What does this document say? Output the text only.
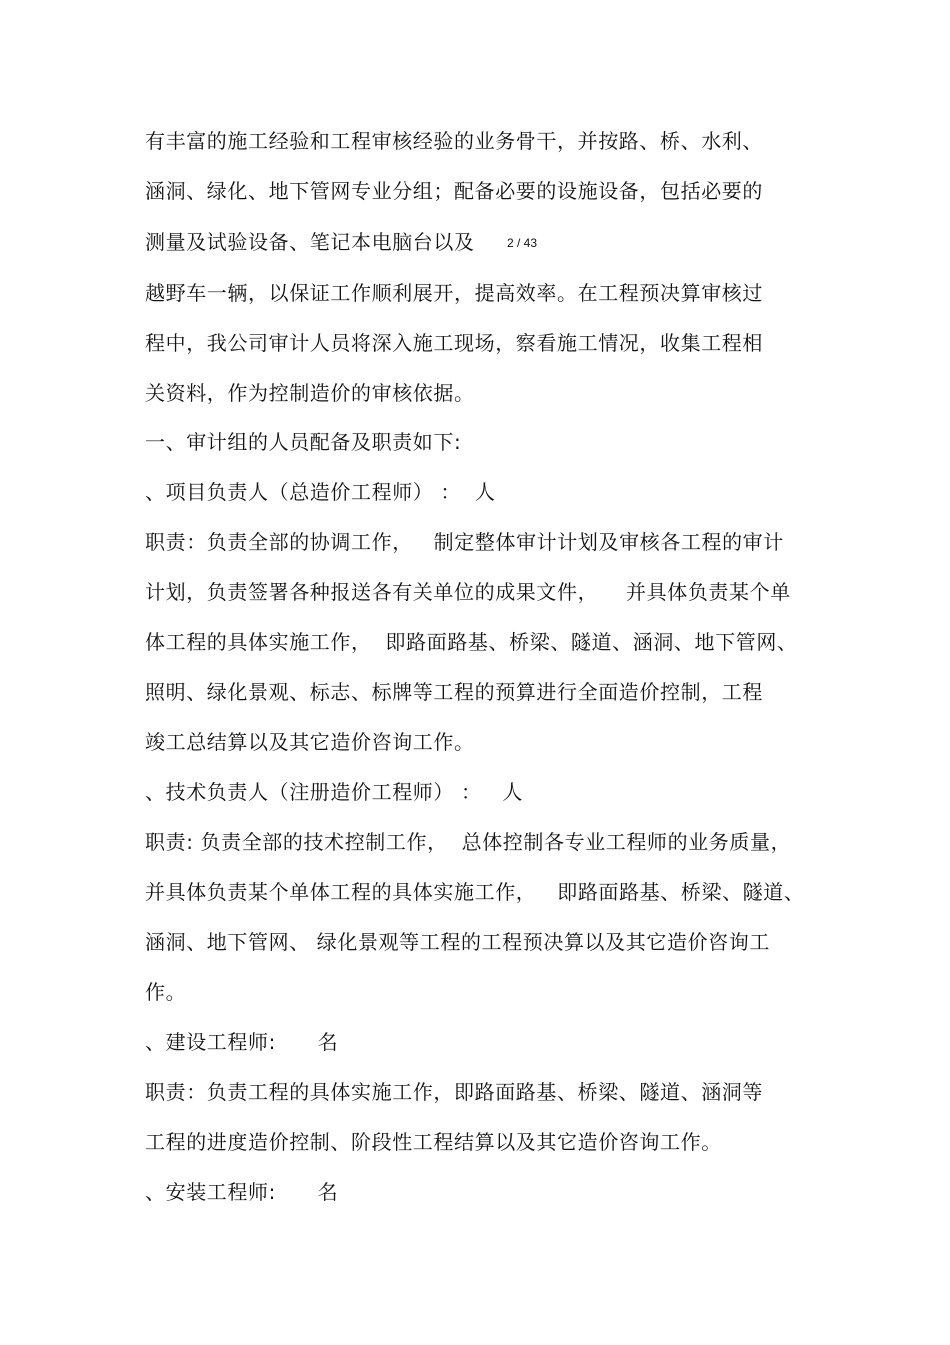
有丰富的施工经验和工程审核经验的业务骨干，并按路、桥、水利、
涵洞、绿化、地下管网专业分组；配备必要的设施设备，包括必要的
测量及试验设备、笔记本电脑台以及	2 / 43
越野车一辆，以保证工作顺利展开，提高效率。在工程预决算审核过
程中，我公司审计人员将深入施工现场，察看施工情况，收集工程相
关资料，作为控制造价的审核依据。
一、审计组的人员配备及职责如下:
、项目负责人（总造价工程师） ：  人
职责：负责全部的协调工作，   制定整体审计计划及审核各工程的审计
计划，负责签署各种报送各有关单位的成果文件，    并具体负责某个单
体工程的具体实施工作，  即路面路基、桥梁、隧道、涵洞、地下管网、
照明、绿化景观、标志、标牌等工程的预算进行全面造价控制，工程
竣工总结算以及其它造价咨询工作。
、技术负责人（注册造价工程师） ：   人
职责: 负责全部的技术控制工作，  总体控制各专业工程师的业务质量，
并具体负责某个单体工程的具体实施工作，   即路面路基、桥梁、隧道、
涵洞、地下管网、 绿化景观等工程的工程预决算以及其它造价咨询工
作。
、建设工程师:      名
职责：负责工程的具体实施工作，即路面路基、桥梁、隧道、涵洞等
工程的进度造价控制、阶段性工程结算以及其它造价咨询工作。
、安装工程师:      名
